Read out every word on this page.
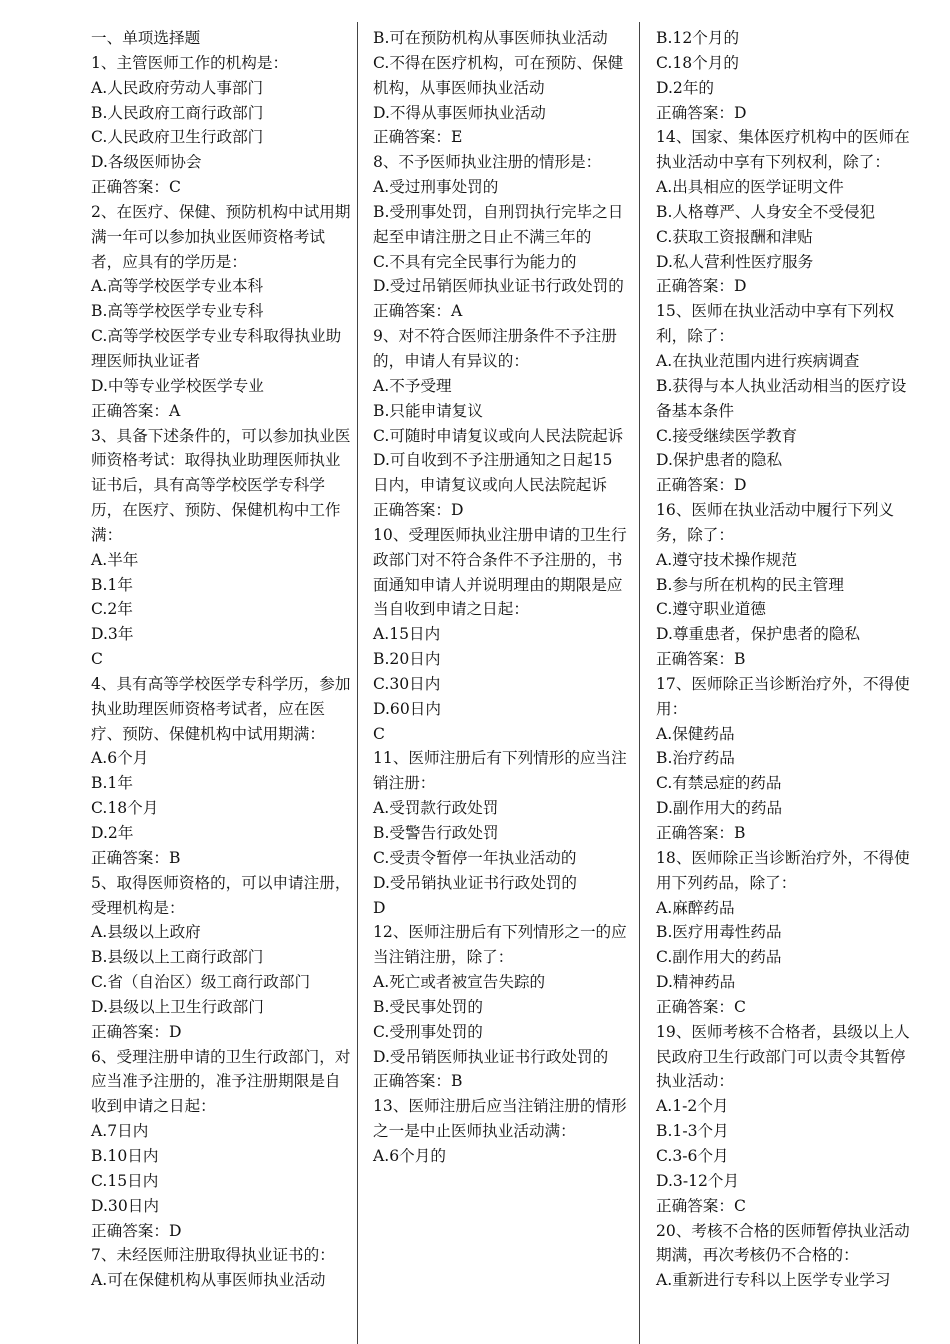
一、单项选择题
1、主管医师工作的机构是：
A.人民政府劳动人事部门
B.人民政府工商行政部门
C.人民政府卫生行政部门
D.各级医师协会
正确答案：C
2、在医疗、保健、预防机构中试用期满一年可以参加执业医师资格考试者，应具有的学历是：
A.高等学校医学专业本科
B.高等学校医学专业专科
C.高等学校医学专业专科取得执业助理医师执业证者
D.中等专业学校医学专业
正确答案：A
3、具备下述条件的，可以参加执业医师资格考试：取得执业助理医师执业证书后，具有高等学校医学专科学历，在医疗、预防、保健机构中工作满：
A.半年
B.1年
C.2年
D.3年
C
4、具有高等学校医学专科学历，参加执业助理医师资格考试者，应在医疗、预防、保健机构中试用期满：
A.6个月
B.1年
C.18个月
D.2年
正确答案：B
5、取得医师资格的，可以申请注册，受理机构是：
A.县级以上政府
B.县级以上工商行政部门
C.省（自治区）级工商行政部门
D.县级以上卫生行政部门
正确答案：D
6、受理注册申请的卫生行政部门，对应当准予注册的，准予注册期限是自收到申请之日起：
A.7日内
B.10日内
C.15日内
D.30日内
正确答案：D
7、未经医师注册取得执业证书的：
A.可在保健机构从事医师执业活动
B.可在预防机构从事医师执业活动
C.不得在医疗机构，可在预防、保健机构，从事医师执业活动
D.不得从事医师执业活动
正确答案：E
8、不予医师执业注册的情形是：
A.受过刑事处罚的
B.受刑事处罚，自刑罚执行完毕之日起至申请注册之日止不满三年的
C.不具有完全民事行为能力的
D.受过吊销医师执业证书行政处罚的
正确答案：A
9、对不符合医师注册条件不予注册的，申请人有异议的：
A.不予受理
B.只能申请复议
C.可随时申请复议或向人民法院起诉
D.可自收到不予注册通知之日起15日内，申请复议或向人民法院起诉
正确答案：D
10、受理医师执业注册申请的卫生行政部门对不符合条件不予注册的，书面通知申请人并说明理由的期限是应当自收到申请之日起：
A.15日内
B.20日内
C.30日内
D.60日内
C
11、医师注册后有下列情形的应当注销注册：
A.受罚款行政处罚
B.受警告行政处罚
C.受责令暂停一年执业活动的
D.受吊销执业证书行政处罚的
D
12、医师注册后有下列情形之一的应当注销注册，除了：
A.死亡或者被宣告失踪的
B.受民事处罚的
C.受刑事处罚的
D.受吊销医师执业证书行政处罚的
正确答案：B
13、医师注册后应当注销注册的情形之一是中止医师执业活动满：
A.6个月的
B.12个月的
C.18个月的
D.2年的
正确答案：D
14、国家、集体医疗机构中的医师在执业活动中享有下列权利，除了：
A.出具相应的医学证明文件
B.人格尊严、人身安全不受侵犯
C.获取工资报酬和津贴
D.私人营利性医疗服务
正确答案：D
15、医师在执业活动中享有下列权利，除了：
A.在执业范围内进行疾病调查
B.获得与本人执业活动相当的医疗设备基本条件
C.接受继续医学教育
D.保护患者的隐私
正确答案：D
16、医师在执业活动中履行下列义务，除了：
A.遵守技术操作规范
B.参与所在机构的民主管理
C.遵守职业道德
D.尊重患者，保护患者的隐私
正确答案：B
17、医师除正当诊断治疗外，不得使用：
A.保健药品
B.治疗药品
C.有禁忌症的药品
D.副作用大的药品
正确答案：B
18、医师除正当诊断治疗外，不得使用下列药品，除了：
A.麻醉药品
B.医疗用毒性药品
C.副作用大的药品
D.精神药品
正确答案：C
19、医师考核不合格者，县级以上人民政府卫生行政部门可以责令其暂停执业活动：
A.1-2个月
B.1-3个月
C.3-6个月
D.3-12个月
正确答案：C
20、考核不合格的医师暂停执业活动期满，再次考核仍不合格的：
A.重新进行专科以上医学专业学习
